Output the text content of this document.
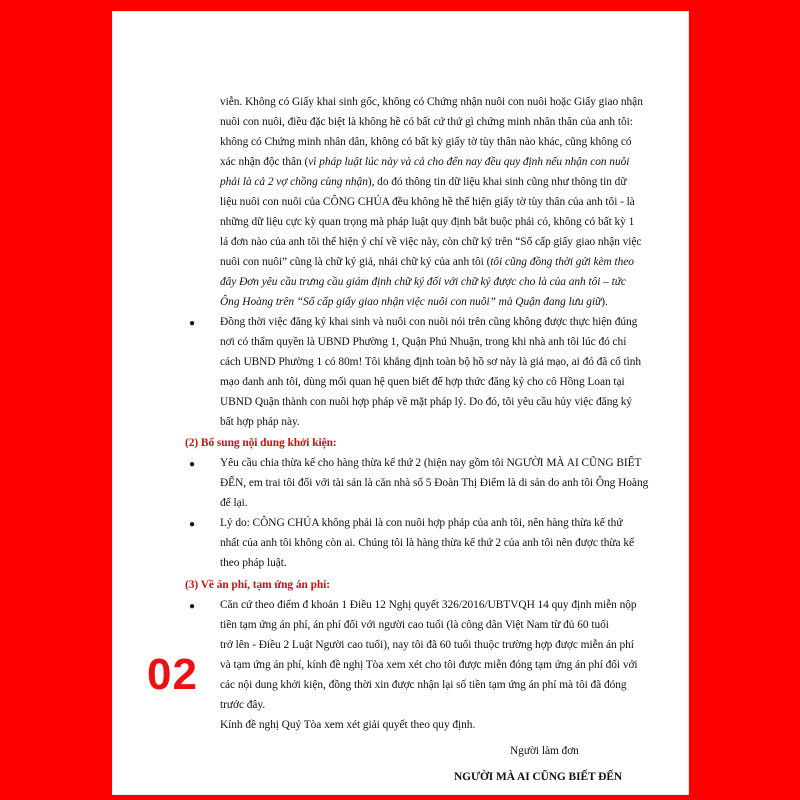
viễn. Không có Giấy khai sinh gốc, không có Chứng nhận nuôi con nuôi hoặc Giấy giao nhận
nuôi con nuôi, điều đặc biệt là không hề có bất cứ thứ gì chứng minh nhân thân của anh tôi:
không có Chứng minh nhân dân, không có bất kỳ giấy tờ tùy thân nào khác, cũng không có
xác nhận độc thân (vì pháp luật lúc này và cả cho đến nay đều quy định nếu nhận con nuôi
phải là cả 2 vợ chồng cùng nhận), do đó thông tin dữ liệu khai sinh cũng như thông tin dữ
liệu nuôi con nuôi của CÔNG CHÚA đều không hề thể hiện giấy tờ tùy thân của anh tôi - là
những dữ liệu cực kỳ quan trọng mà pháp luật quy định bắt buộc phải có, không có bất kỳ 1
lá đơn nào của anh tôi thể hiện ý chí về việc này, còn chữ ký trên “Sổ cấp giấy giao nhận việc
nuôi con nuôi” cũng là chữ ký giả, nhái chữ ký của anh tôi (tôi cũng đồng thời gửi kèm theo
đây Đơn yêu cầu trưng cầu giám định chữ ký đối với chữ ký được cho là của anh tôi – tức
Ông Hoàng trên “Sổ cấp giấy giao nhận việc nuôi con nuôi” mà Quận đang lưu giữ).
● Đồng thời việc đăng ký khai sinh và nuôi con nuôi nói trên cũng không được thực hiện đúng
nơi có thẩm quyền là UBND Phường 1, Quận Phú Nhuận, trong khi nhà anh tôi lúc đó chỉ
cách UBND Phường 1 có 80m! Tôi khẳng định toàn bộ hồ sơ này là giả mạo, ai đó đã cố tình
mạo danh anh tôi, dùng mối quan hệ quen biết để hợp thức đăng ký cho cô Hồng Loan tại
UBND Quận thành con nuôi hợp pháp về mặt pháp lý. Do đó, tôi yêu cầu hủy việc đăng ký
bất hợp pháp này.
(2) Bổ sung nội dung khởi kiện:
● Yêu cầu chia thừa kế cho hàng thừa kế thứ 2 (hiện nay gồm tôi NGƯỜI MÀ AI CŨNG BIẾT
ĐẾN, em trai tôi đối với tài sản là căn nhà số 5 Đoàn Thị Điểm là di sản do anh tôi Ông Hoàng
để lại.
● Lý do: CÔNG CHÚA không phải là con nuôi hợp pháp của anh tôi, nên hàng thừa kế thứ
nhất của anh tôi không còn ai. Chúng tôi là hàng thừa kế thứ 2 của anh tôi nên được thừa kế
theo pháp luật.
(3) Về án phí, tạm ứng án phí:
● Căn cứ theo điểm đ khoản 1 Điều 12 Nghị quyết 326/2016/UBTVQH 14 quy định miễn nộp
tiền tạm ứng án phí, án phí đối với người cao tuổi (là công dân Việt Nam từ đủ 60 tuổi
trở lên - Điều 2 Luật Người cao tuổi), nay tôi đã 60 tuổi thuộc trường hợp được miễn án phí
và tạm ứng án phí, kính đề nghị Tòa xem xét cho tôi được miễn đóng tạm ứng án phí đối với
các nội dung khởi kiện, đồng thời xin được nhận lại số tiền tạm ứng án phí mà tôi đã đóng
trước đây.
Kính đề nghị Quý Tòa xem xét giải quyết theo quy định.
Người làm đơn
NGƯỜI MÀ AI CŨNG BIẾT ĐẾN
02
